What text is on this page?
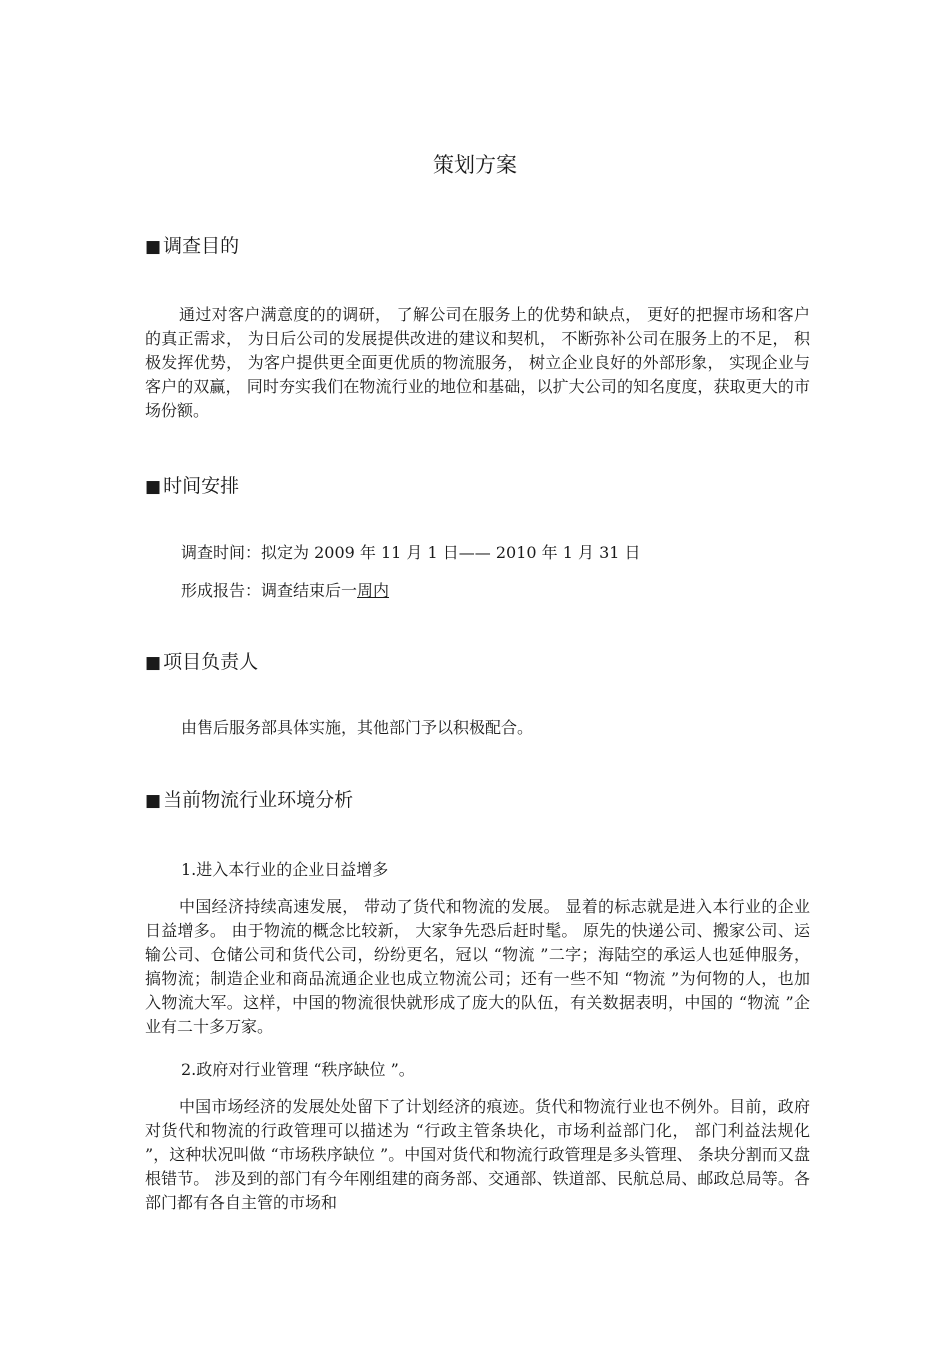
策划方案
■ 调查目的
通过对客户满意度的的调研， 了解公司在服务上的优势和缺点， 更好的把握市场和客户的真正需求， 为日后公司的发展提供改进的建议和契机， 不断弥补公司在服务上的不足， 积极发挥优势， 为客户提供更全面更优质的物流服务， 树立企业良好的外部形象， 实现企业与客户的双赢， 同时夯实我们在物流行业的地位和基础，以扩大公司的知名度度，获取更大的市场份额。
■ 时间安排
调查时间：拟定为 2009 年 11 月 1 日—— 2010 年 1 月 31 日
形成报告：调查结束后一周内
■ 项目负责人
由售后服务部具体实施，其他部门予以积极配合。
■ 当前物流行业环境分析
1.进入本行业的企业日益增多
中国经济持续高速发展， 带动了货代和物流的发展。 显着的标志就是进入本行业的企业日益增多。 由于物流的概念比较新， 大家争先恐后赶时髦。 原先的快递公司、搬家公司、运输公司、仓储公司和货代公司，纷纷更名，冠以 “物流 ”二字；海陆空的承运人也延伸服务， 搞物流；制造企业和商品流通企业也成立物流公司；还有一些不知 “物流 ”为何物的人，也加入物流大军。这样，中国的物流很快就形成了庞大的队伍，有关数据表明，中国的 “物流 ”企业有二十多万家。
2.政府对行业管理 “秩序缺位 ”。
中国市场经济的发展处处留下了计划经济的痕迹。货代和物流行业也不例外。目前，政府对货代和物流的行政管理可以描述为 “行政主管条块化，市场利益部门化， 部门利益法规化 ”，这种状况叫做 “市场秩序缺位 ”。中国对货代和物流行政管理是多头管理、 条块分割而又盘根错节。 涉及到的部门有今年刚组建的商务部、交通部、铁道部、民航总局、邮政总局等。各部门都有各自主管的市场和
